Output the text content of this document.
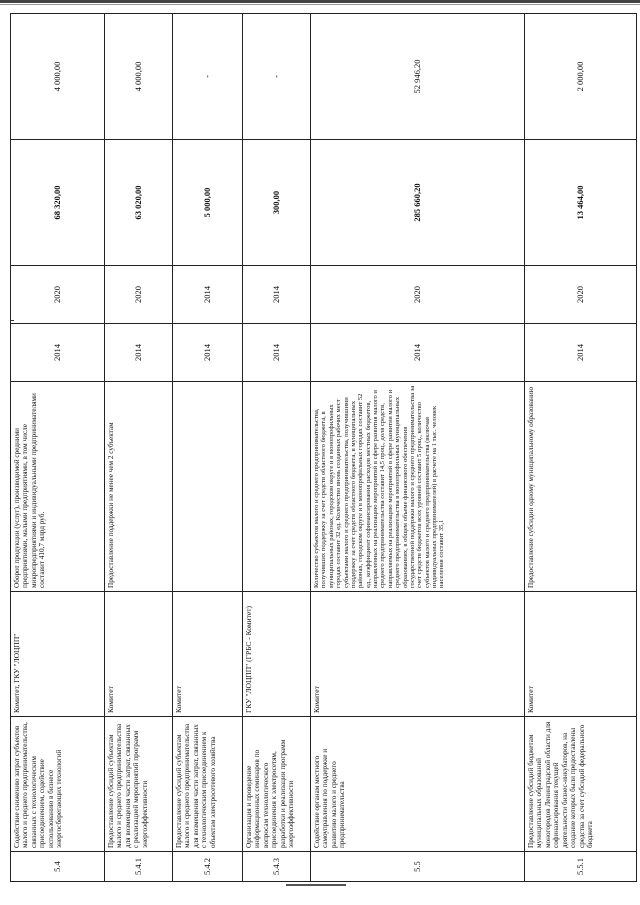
5.4	Содействие снижению затрат субъектов малого и среднего предпринимательства, связанных с технологическим присоединением, содействие использованию в бизнесе энергосберегающих технологий	Комитет, ГКУ "ЛОЦПП"	Оборот продукции (услуг), производимой средними предприятиями, малыми предприятиями, в том числе микропредприятиями и индивидуальными предпринимателями составит 410,7 млрд руб.	2014	2020	68 320,00	4 000,00
5.4.1	Предоставление субсидий субъектам малого и среднего предпринимательства для возмещения части затрат, связанных с реализацией мероприятий программ энергоэффективности	Комитет	Предоставление поддержки не менее чем 2 субъектам	2014	2020	63 020,00	4 000,00
5.4.2	Предоставление субсидий субъектам малого и среднего предпринимательства для возмещения части затрат, связанных с технологическим присоединением к объектам электросетевого хозяйства	Комитет		2014	2014	5 000,00	-
5.4.3	Организация и проведение информационных семинаров по вопросам технологического присоединения к электросетям, разработки и реализации программ энергоэффективности	ГКУ "ЛОЦПП" (ГРБС - Комитет)		2014	2014	300,00	-
5.5	Содействие органам местного самоуправления по поддержке и развитию малого и среднего предпринимательства	Комитет	Количество субъектов малого и среднего предпринимательства, получивших поддержку за счет средств областного бюджета, в муниципальных районах, городском округе и в монопрофильных городах составит 32 ед. Количество вновь созданных рабочих мест субъектами малого и среднего предпринимательства, получившими поддержку за счет средств областного бюджета, в муниципальных районах, городском округе и в монопрофильных городах составит 52 ед., коэффициент софинансирования расходов местных бюджетов, направленных на реализацию мероприятий в сфере развития малого и среднего предпринимательства составит 14,5 проц., доля средств, направляемых на реализацию мероприятий в сфере развития малого и среднего предпринимательства в монопрофильных муниципальных образованиях, в общем объеме финансового обеспечения государственной поддержки малого и среднего предпринимательства за счет средств бюджетов всех уровней составит 5 проц., количество субъектов малого и среднего предпринимательства (включая индивидуальных предпринимателей) в расчете на 1 тыс. человек населения составит 35,1	2014	2020	285 660,20	52 946,20
5.5.1	Предоставление субсидий бюджетам муниципальных образований моногородов Ленинградской области для софинансирования текущей деятельности бизнес-инкубаторов, на создание которых были предоставлены средства за счет субсидий федерального бюджета	Комитет	Предоставление субсидии одному муниципальному образованию	2014	2020	13 464,00	2 000,00
